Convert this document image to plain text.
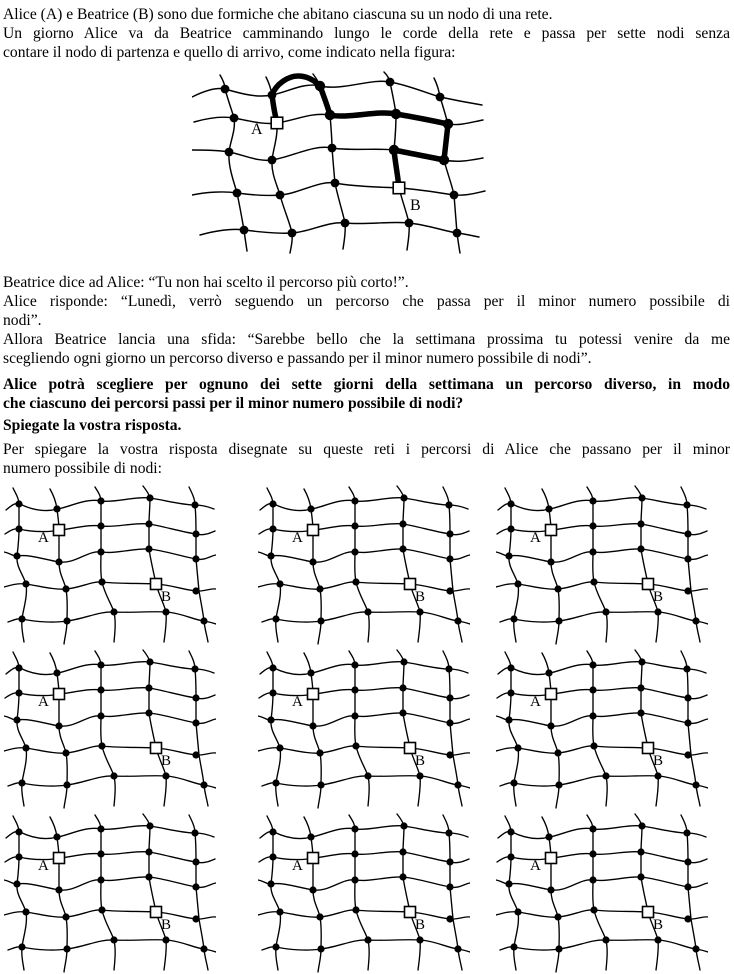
Alice (A) e Beatrice (B) sono due formiche che abitano ciascuna su un nodo di una rete.
Un giorno Alice va da Beatrice camminando lungo le corde della rete e passa per sette nodi senza
contare il nodo di partenza e quello di arrivo, come indicato nella figura:
A
B
Beatrice dice ad Alice: “Tu non hai scelto il percorso più corto!”.
Alice risponde: “Lunedì, verrò seguendo un percorso che passa per il minor numero possibile di
nodi”.
Allora Beatrice lancia una sfida: “Sarebbe bello che la settimana prossima tu potessi venire da me
scegliendo ogni giorno un percorso diverso e passando per il minor numero possibile di nodi”.
Alice potrà scegliere per ognuno dei sette giorni della settimana un percorso diverso, in modo
che ciascuno dei percorsi passi per il minor numero possibile di nodi?
Spiegate la vostra risposta.
Per spiegare la vostra risposta disegnate su queste reti i percorsi di Alice che passano per il minor
numero possibile di nodi:
A
B
A
B
A
B
A
B
A
B
A
B
A
B
A
B
A
B
